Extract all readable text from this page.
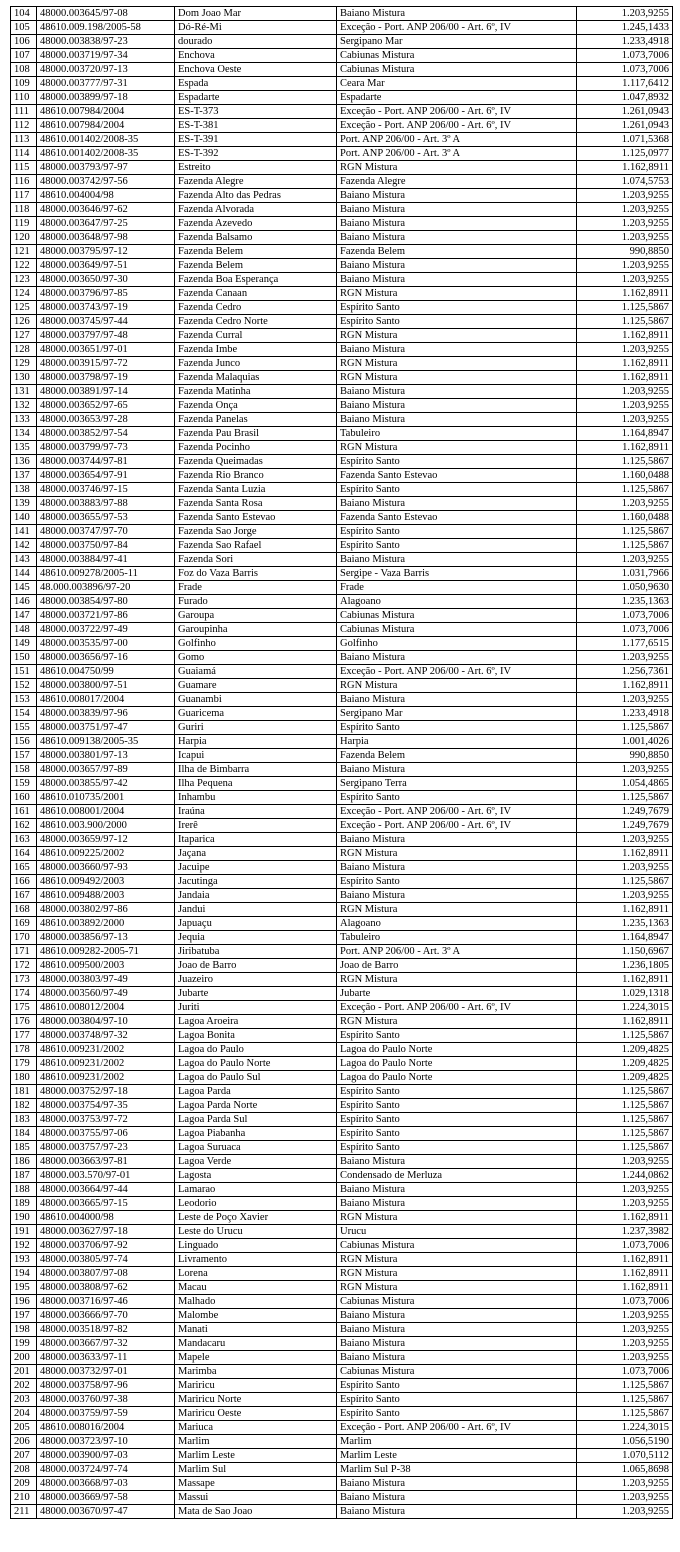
104	48000.003645/97-08	Dom Joao Mar	Baiano Mistura	1.203,9255
105	48610.009.198/2005-58	Dó-Ré-Mi	Exceção - Port. ANP 206/00 - Art. 6º, IV	1.245,1433
106	48000.003838/97-23	dourado	Sergipano Mar	1.233,4918
107	48000.003719/97-34	Enchova	Cabiunas Mistura	1.073,7006
108	48000.003720/97-13	Enchova Oeste	Cabiunas Mistura	1.073,7006
109	48000.003777/97-31	Espada	Ceara Mar	1.117,6412
110	48000.003899/97-18	Espadarte	Espadarte	1.047,8932
111	48610.007984/2004	ES-T-373	Exceção - Port. ANP 206/00 - Art. 6º, IV	1.261,0943
112	48610.007984/2004	ES-T-381	Exceção - Port. ANP 206/00 - Art. 6º, IV	1.261,0943
113	48610.001402/2008-35	ES-T-391	Port. ANP 206/00 - Art. 3º A	1.071,5368
114	48610.001402/2008-35	ES-T-392	Port. ANP 206/00 - Art. 3º A	1.125,0977
115	48000.003793/97-97	Estreito	RGN Mistura	1.162,8911
116	48000.003742/97-56	Fazenda Alegre	Fazenda Alegre	1.074,5753
117	48610.004004/98	Fazenda Alto das Pedras	Baiano Mistura	1.203,9255
118	48000.003646/97-62	Fazenda Alvorada	Baiano Mistura	1.203,9255
119	48000.003647/97-25	Fazenda Azevedo	Baiano Mistura	1.203,9255
120	48000.003648/97-98	Fazenda Balsamo	Baiano Mistura	1.203,9255
121	48000.003795/97-12	Fazenda Belem	Fazenda Belem	990,8850
122	48000.003649/97-51	Fazenda Belem	Baiano Mistura	1.203,9255
123	48000.003650/97-30	Fazenda Boa Esperança	Baiano Mistura	1.203,9255
124	48000.003796/97-85	Fazenda Canaan	RGN Mistura	1.162,8911
125	48000.003743/97-19	Fazenda Cedro	Espírito Santo	1.125,5867
126	48000.003745/97-44	Fazenda Cedro Norte	Espírito Santo	1.125,5867
127	48000.003797/97-48	Fazenda Curral	RGN Mistura	1.162,8911
128	48000.003651/97-01	Fazenda Imbe	Baiano Mistura	1.203,9255
129	48000.003915/97-72	Fazenda Junco	RGN Mistura	1.162,8911
130	48000.003798/97-19	Fazenda Malaquias	RGN Mistura	1.162,8911
131	48000.003891/97-14	Fazenda Matinha	Baiano Mistura	1.203,9255
132	48000.003652/97-65	Fazenda Onça	Baiano Mistura	1.203,9255
133	48000.003653/97-28	Fazenda Panelas	Baiano Mistura	1.203,9255
134	48000.003852/97-54	Fazenda Pau Brasil	Tabuleiro	1.164,8947
135	48000.003799/97-73	Fazenda Pocinho	RGN Mistura	1.162,8911
136	48000.003744/97-81	Fazenda Queimadas	Espírito Santo	1.125,5867
137	48000.003654/97-91	Fazenda Rio Branco	Fazenda Santo Estevao	1.160,0488
138	48000.003746/97-15	Fazenda Santa Luzia	Espírito Santo	1.125,5867
139	48000.003883/97-88	Fazenda Santa Rosa	Baiano Mistura	1.203,9255
140	48000.003655/97-53	Fazenda Santo Estevao	Fazenda Santo Estevao	1.160,0488
141	48000.003747/97-70	Fazenda Sao Jorge	Espírito Santo	1.125,5867
142	48000.003750/97-84	Fazenda Sao Rafael	Espírito Santo	1.125,5867
143	48000.003884/97-41	Fazenda Sori	Baiano Mistura	1.203,9255
144	48610.009278/2005-11	Foz do Vaza Barris	Sergipe - Vaza Barris	1.031,7966
145	48.000.003896/97-20	Frade	Frade	1.050,9630
146	48000.003854/97-80	Furado	Alagoano	1.235,1363
147	48000.003721/97-86	Garoupa	Cabiunas Mistura	1.073,7006
148	48000.003722/97-49	Garoupinha	Cabiunas Mistura	1.073,7006
149	48000.003535/97-00	Golfinho	Golfinho	1.177,6515
150	48000.003656/97-16	Gomo	Baiano Mistura	1.203,9255
151	48610.004750/99	Guaiamá	Exceção - Port. ANP 206/00 - Art. 6º, IV	1.256,7361
152	48000.003800/97-51	Guamare	RGN Mistura	1.162,8911
153	48610.008017/2004	Guanambi	Baiano Mistura	1.203,9255
154	48000.003839/97-96	Guaricema	Sergipano Mar	1.233,4918
155	48000.003751/97-47	Guriri	Espírito Santo	1.125,5867
156	48610.009138/2005-35	Harpia	Harpia	1.001,4026
157	48000.003801/97-13	Icapui	Fazenda Belem	990,8850
158	48000.003657/97-89	Ilha de Bimbarra	Baiano Mistura	1.203,9255
159	48000.003855/97-42	Ilha Pequena	Sergipano Terra	1.054,4865
160	48610.010735/2001	Inhambu	Espírito Santo	1.125,5867
161	48610.008001/2004	Iraúna	Exceção - Port. ANP 206/00 - Art. 6º, IV	1.249,7679
162	48610.003.900/2000	Irerê	Exceção - Port. ANP 206/00 - Art. 6º, IV	1.249,7679
163	48000.003659/97-12	Itaparica	Baiano Mistura	1.203,9255
164	48610.009225/2002	Jaçana	RGN Mistura	1.162,8911
165	48000.003660/97-93	Jacuipe	Baiano Mistura	1.203,9255
166	48610.009492/2003	Jacutinga	Espírito Santo	1.125,5867
167	48610.009488/2003	Jandaia	Baiano Mistura	1.203,9255
168	48000.003802/97-86	Jandui	RGN Mistura	1.162,8911
169	48610.003892/2000	Japuaçu	Alagoano	1.235,1363
170	48000.003856/97-13	Jequia	Tabuleiro	1.164,8947
171	48610.009282-2005-71	Jiribatuba	Port. ANP 206/00 - Art. 3º A	1.150,6967
172	48610.009500/2003	Joao de Barro	Joao de Barro	1.236,1805
173	48000.003803/97-49	Juazeiro	RGN Mistura	1.162,8911
174	48000.003560/97-49	Jubarte	Jubarte	1.029,1318
175	48610.008012/2004	Juriti	Exceção - Port. ANP 206/00 - Art. 6º, IV	1.224,3015
176	48000.003804/97-10	Lagoa Aroeira	RGN Mistura	1.162,8911
177	48000.003748/97-32	Lagoa Bonita	Espírito Santo	1.125,5867
178	48610.009231/2002	Lagoa do Paulo	Lagoa do Paulo Norte	1.209,4825
179	48610.009231/2002	Lagoa do Paulo Norte	Lagoa do Paulo Norte	1.209,4825
180	48610.009231/2002	Lagoa do Paulo Sul	Lagoa do Paulo Norte	1.209,4825
181	48000.003752/97-18	Lagoa Parda	Espírito Santo	1.125,5867
182	48000.003754/97-35	Lagoa Parda Norte	Espírito Santo	1.125,5867
183	48000.003753/97-72	Lagoa Parda Sul	Espírito Santo	1.125,5867
184	48000.003755/97-06	Lagoa Piabanha	Espírito Santo	1.125,5867
185	48000.003757/97-23	Lagoa Suruaca	Espírito Santo	1.125,5867
186	48000.003663/97-81	Lagoa Verde	Baiano Mistura	1.203,9255
187	48000.003.570/97-01	Lagosta	Condensado de Merluza	1.244,0862
188	48000.003664/97-44	Lamarao	Baiano Mistura	1.203,9255
189	48000.003665/97-15	Leodorio	Baiano Mistura	1.203,9255
190	48610.004000/98	Leste de Poço Xavier	RGN Mistura	1.162,8911
191	48000.003627/97-18	Leste do Urucu	Urucu	1.237,3982
192	48000.003706/97-92	Linguado	Cabiunas Mistura	1.073,7006
193	48000.003805/97-74	Livramento	RGN Mistura	1.162,8911
194	48000.003807/97-08	Lorena	RGN Mistura	1.162,8911
195	48000.003808/97-62	Macau	RGN Mistura	1.162,8911
196	48000.003716/97-46	Malhado	Cabiunas Mistura	1.073,7006
197	48000.003666/97-70	Malombe	Baiano Mistura	1.203,9255
198	48000.003518/97-82	Manati	Baiano Mistura	1.203,9255
199	48000.003667/97-32	Mandacaru	Baiano Mistura	1.203,9255
200	48000.003633/97-11	Mapele	Baiano Mistura	1.203,9255
201	48000.003732/97-01	Marimba	Cabiunas Mistura	1.073,7006
202	48000.003758/97-96	Mariricu	Espírito Santo	1.125,5867
203	48000.003760/97-38	Mariricu Norte	Espírito Santo	1.125,5867
204	48000.003759/97-59	Mariricu Oeste	Espírito Santo	1.125,5867
205	48610.008016/2004	Mariuca	Exceção - Port. ANP 206/00 - Art. 6º, IV	1.224,3015
206	48000.003723/97-10	Marlim	Marlim	1.056,5190
207	48000.003900/97-03	Marlim Leste	Marlim Leste	1.070,5112
208	48000.003724/97-74	Marlim Sul	Marlim Sul P-38	1.065,8698
209	48000.003668/97-03	Massape	Baiano Mistura	1.203,9255
210	48000.003669/97-58	Massui	Baiano Mistura	1.203,9255
211	48000.003670/97-47	Mata de Sao Joao	Baiano Mistura	1.203,9255
